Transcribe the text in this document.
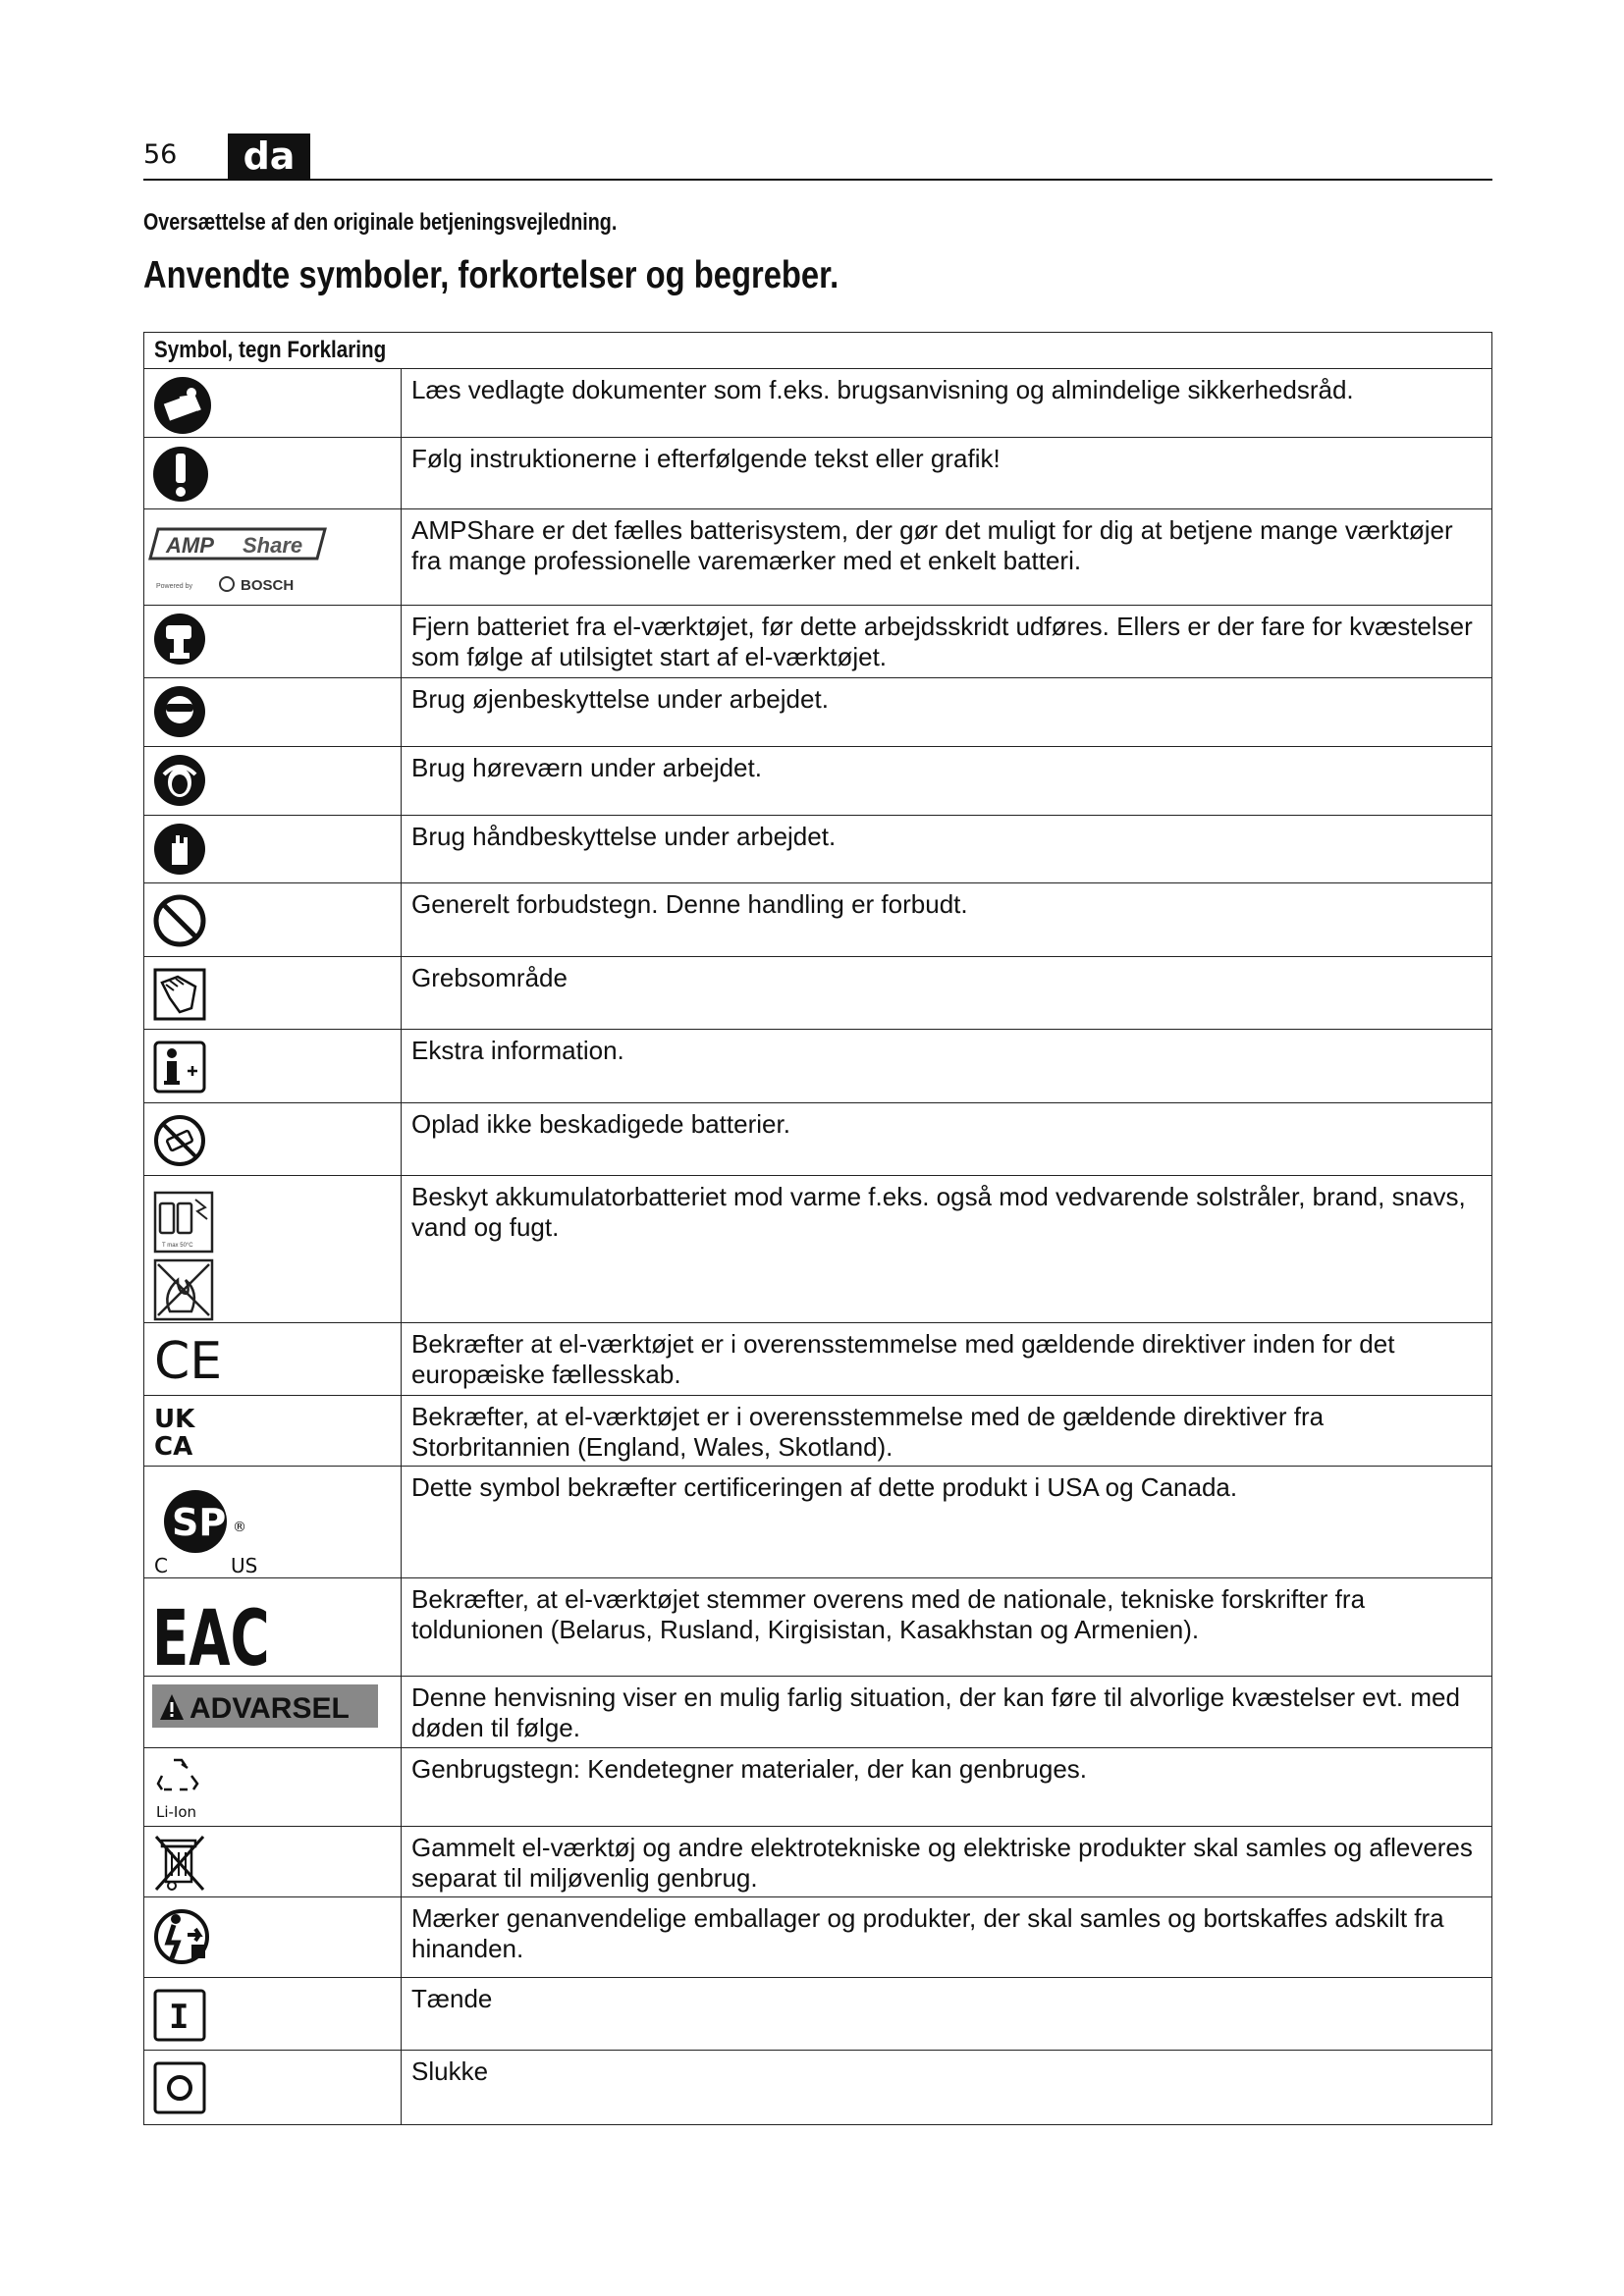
56	da
Oversættelse af den originale betjeningsvejledning.
Anvendte symboler, forkortelser og begreber.
Symbol, tegn Forklaring	

	Læs vedlagte dokumenter som f.eks. brugsanvisning og almindelige sikkerhedsråd.

	Følg instruktionerne i efterfølgende tekst eller grafik!

AMP Share
Powered by BOSCH	AMPShare er det fælles batterisystem, der gør det muligt for dig at betjene mange værktøjer fra mange professionelle varemærker med et enkelt batteri.

	Fjern batteriet fra el-værktøjet, før dette arbejdsskridt udføres. Ellers er der fare for kvæstelser som følge af utilsigtet start af el-værktøjet.

	Brug øjenbeskyttelse under arbejdet.

	Brug høreværn under arbejdet.

	Brug håndbeskyttelse under arbejdet.

	Generelt forbudstegn. Denne handling er forbudt.

	Grebsområde

	Ekstra information.

	Oplad ikke beskadigede batterier.

T max 50°C	Beskyt akkumulatorbatteriet mod varme f.eks. også mod vedvarende solstråler, brand, snavs, vand og fugt.

CE	Bekræfter at el-værktøjet er i overensstemmelse med gældende direktiver inden for det europæiske fællesskab.

UK
CA	Bekræfter, at el-værktøjet er i overensstemmelse med de gældende direktiver fra Storbritannien (England, Wales, Skotland).

SP ®
C US	Dette symbol bekræfter certificeringen af dette produkt i USA og Canada.

EAC	Bekræfter, at el-værktøjet stemmer overens med de nationale, tekniske forskrifter fra toldunionen (Belarus, Rusland, Kirgisistan, Kasakhstan og Armenien).

ADVARSEL	Denne henvisning viser en mulig farlig situation, der kan føre til alvorlige kvæstelser evt. med døden til følge.

Li-Ion	Genbrugstegn: Kendetegner materialer, der kan genbruges.

	Gammelt el-værktøj og andre elektrotekniske og elektriske produkter skal samles og afleveres separat til miljøvenlig genbrug.

	Mærker genanvendelige emballager og produkter, der skal samles og bortskaffes adskilt fra hinanden.

I	Tænde

	Slukke
